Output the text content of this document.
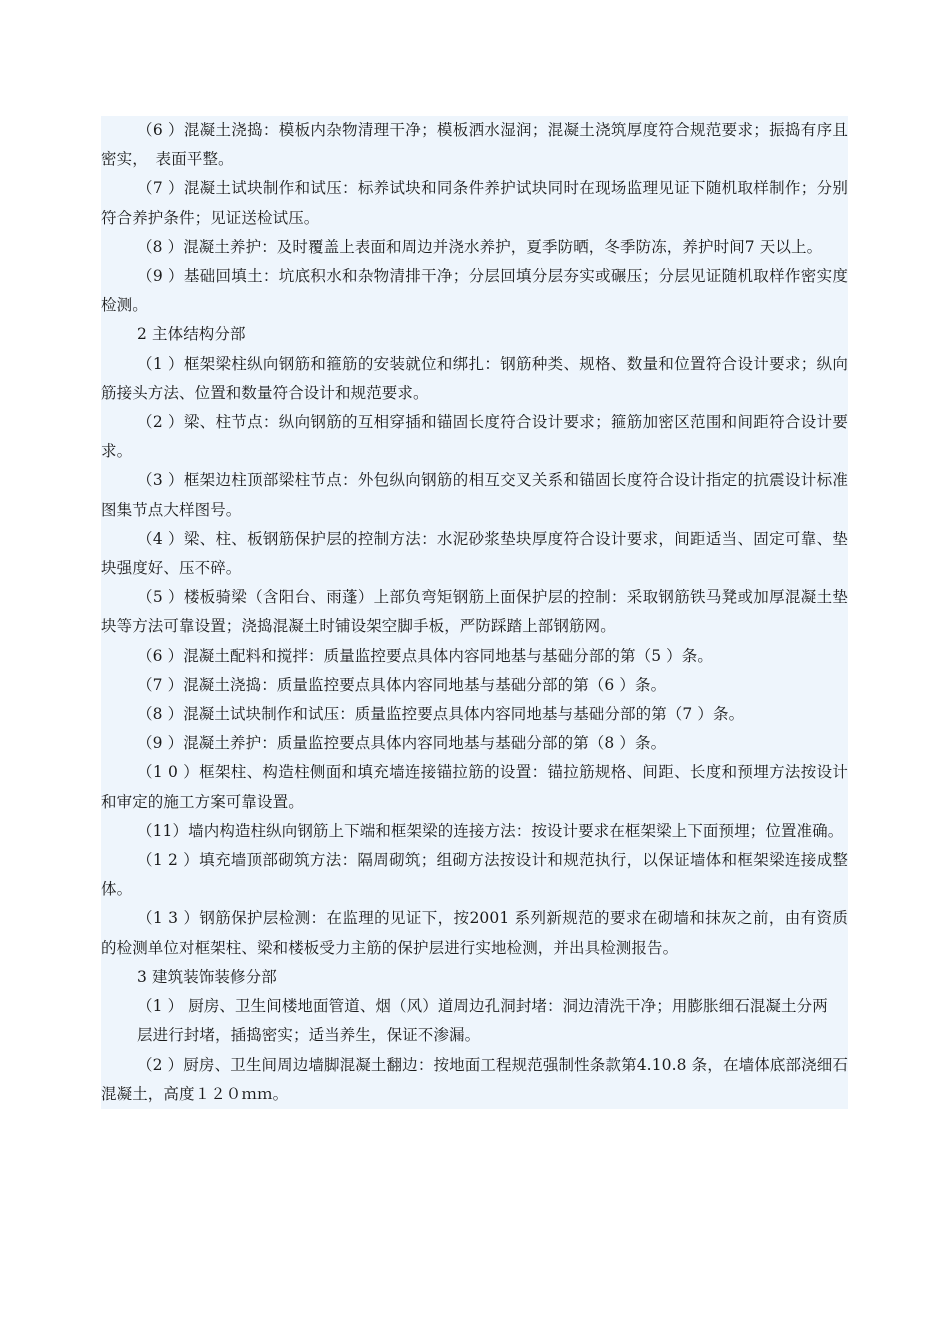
（6 ）混凝土浇捣：模板内杂物清理干净；模板洒水湿润；混凝土浇筑厚度符合规范要求；振捣有序且密实，　表面平整。

（7 ）混凝土试块制作和试压：标养试块和同条件养护试块同时在现场监理见证下随机取样制作；分别符合养护条件；见证送检试压。

（8 ）混凝土养护：及时覆盖上表面和周边并浇水养护，夏季防晒，冬季防冻，养护时间7 天以上。

（9 ）基础回填土：坑底积水和杂物清排干净；分层回填分层夯实或碾压；分层见证随机取样作密实度检测。

2 主体结构分部

（1 ）框架梁柱纵向钢筋和箍筋的安装就位和绑扎：钢筋种类、规格、数量和位置符合设计要求；纵向筋接头方法、位置和数量符合设计和规范要求。

（2 ）梁、柱节点：纵向钢筋的互相穿插和锚固长度符合设计要求；箍筋加密区范围和间距符合设计要求。

（3 ）框架边柱顶部梁柱节点：外包纵向钢筋的相互交叉关系和锚固长度符合设计指定的抗震设计标准图集节点大样图号。

（4 ）梁、柱、板钢筋保护层的控制方法：水泥砂浆垫块厚度符合设计要求，间距适当、固定可靠、垫块强度好、压不碎。

（5 ）楼板骑梁（含阳台、雨蓬）上部负弯矩钢筋上面保护层的控制：采取钢筋铁马凳或加厚混凝土垫块等方法可靠设置；浇捣混凝土时铺设架空脚手板，严防踩踏上部钢筋网。

（6 ）混凝土配料和搅拌：质量监控要点具体内容同地基与基础分部的第（5 ）条。

（7 ）混凝土浇捣：质量监控要点具体内容同地基与基础分部的第（6 ）条。

（8 ）混凝土试块制作和试压：质量监控要点具体内容同地基与基础分部的第（7 ）条。

（9 ）混凝土养护：质量监控要点具体内容同地基与基础分部的第（8 ）条。

（1 0 ）框架柱、构造柱侧面和填充墙连接锚拉筋的设置：锚拉筋规格、间距、长度和预埋方法按设计和审定的施工方案可靠设置。

（11）墙内构造柱纵向钢筋上下端和框架梁的连接方法：按设计要求在框架梁上下面预埋；位置准确。

（1 2 ）填充墙顶部砌筑方法：隔周砌筑；组砌方法按设计和规范执行，以保证墙体和框架梁连接成整体。

（1 3 ）钢筋保护层检测：在监理的见证下，按2001 系列新规范的要求在砌墙和抹灰之前，由有资质的检测单位对框架柱、梁和楼板受力主筋的保护层进行实地检测，并出具检测报告。

3 建筑装饰装修分部

（1 ） 厨房、卫生间楼地面管道、烟（风）道周边孔洞封堵：洞边清洗干净；用膨胀细石混凝土分两

层进行封堵，插捣密实；适当养生，保证不渗漏。

（2 ）厨房、卫生间周边墙脚混凝土翻边：按地面工程规范强制性条款第4.10.8 条，在墙体底部浇细石混凝土，高度１２０ｍｍ。
